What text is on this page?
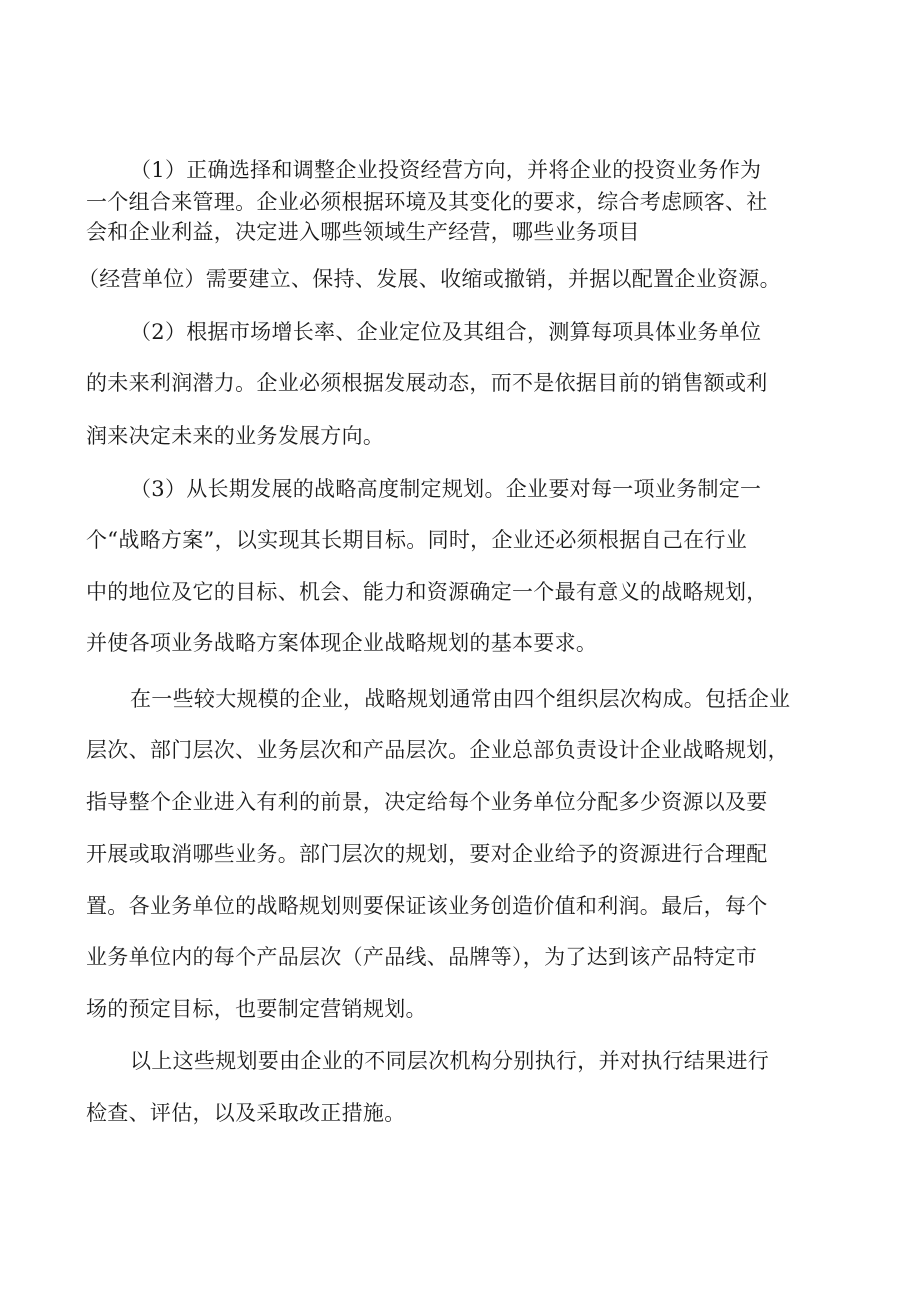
（1）正确选择和调整企业投资经营方向，并将企业的投资业务作为
一个组合来管理。企业必须根据环境及其变化的要求，综合考虑顾客、社
会和企业利益，决定进入哪些领域生产经营，哪些业务项目
（经营单位）需要建立、保持、发展、收缩或撤销，并据以配置企业资源。
（2）根据市场增长率、企业定位及其组合，测算每项具体业务单位
的未来利润潜力。企业必须根据发展动态，而不是依据目前的销售额或利
润来决定未来的业务发展方向。
（3）从长期发展的战略高度制定规划。企业要对每一项业务制定一
个“战略方案”，以实现其长期目标。同时，企业还必须根据自己在行业
中的地位及它的目标、机会、能力和资源确定一个最有意义的战略规划，
并使各项业务战略方案体现企业战略规划的基本要求。
在一些较大规模的企业，战略规划通常由四个组织层次构成。包括企业
层次、部门层次、业务层次和产品层次。企业总部负责设计企业战略规划，
指导整个企业进入有利的前景，决定给每个业务单位分配多少资源以及要
开展或取消哪些业务。部门层次的规划，要对企业给予的资源进行合理配
置。各业务单位的战略规划则要保证该业务创造价值和利润。最后，每个
业务单位内的每个产品层次（产品线、品牌等），为了达到该产品特定市
场的预定目标，也要制定营销规划。
以上这些规划要由企业的不同层次机构分别执行，并对执行结果进行
检查、评估，以及采取改正措施。
